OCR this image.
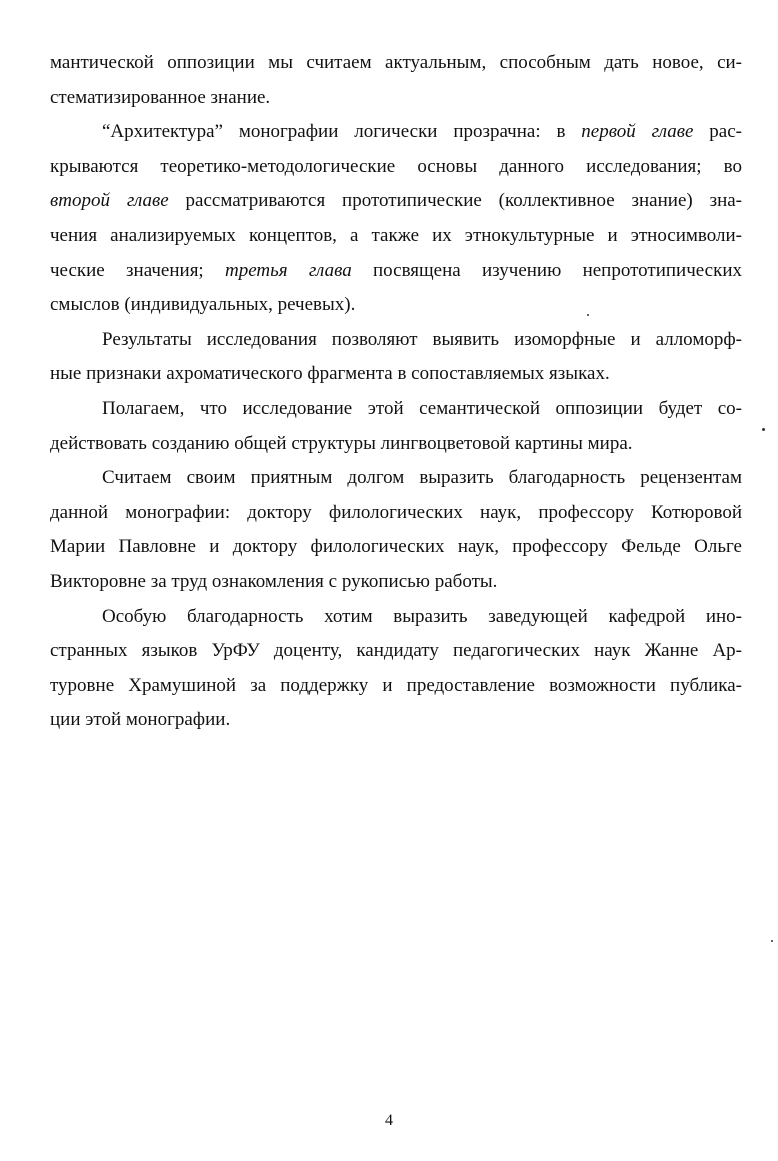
мантической оппозиции мы считаем актуальным, способным дать новое, си-
стематизированное знание.
“Архитектура” монографии логически прозрачна: в первой главе рас-
крываются теоретико-методологические основы данного исследования; во
второй главе рассматриваются прототипические (коллективное знание) зна-
чения анализируемых концептов, а также их этнокультурные и этносимволи-
ческие значения; третья глава посвящена изучению непрототипических
смыслов (индивидуальных, речевых).
Результаты исследования позволяют выявить изоморфные и алломорф-
ные признаки ахроматического фрагмента в сопоставляемых языках.
Полагаем, что исследование этой семантической оппозиции будет со-
действовать созданию общей структуры лингвоцветовой картины мира.
Считаем своим приятным долгом выразить благодарность рецензентам
данной монографии: доктору филологических наук, профессору Котюровой
Марии Павловне и доктору филологических наук, профессору Фельде Ольге
Викторовне за труд ознакомления с рукописью работы.
Особую благодарность хотим выразить заведующей кафедрой ино-
странных языков УрФУ доценту, кандидату педагогических наук Жанне Ар-
туровне Храмушиной за поддержку и предоставление возможности публика-
ции этой монографии.
4
